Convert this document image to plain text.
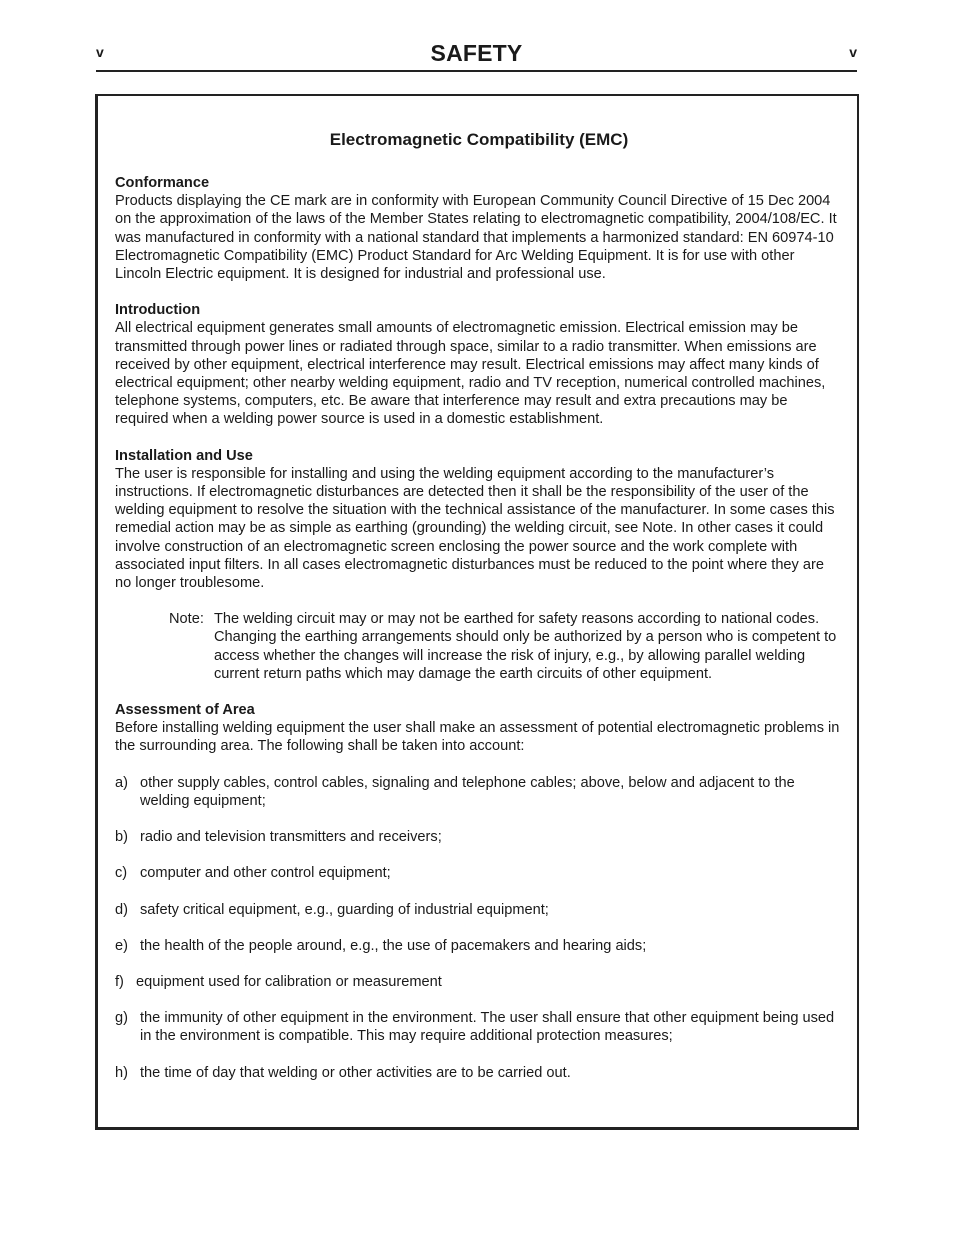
v	SAFETY	v
Electromagnetic Compatibility (EMC)
Conformance

Products displaying the CE mark are in conformity with European Community Council Directive of 15 Dec 2004 on the approximation of the laws of the Member States relating to electromagnetic compatibility, 2004/108/EC. It was manufactured in conformity with a national standard that implements a harmonized standard: EN 60974-10 Electromagnetic Compatibility (EMC) Product Standard for Arc Welding Equipment. It is for use with other Lincoln Electric equipment. It is designed for industrial and professional use.

Introduction

All electrical equipment generates small amounts of electromagnetic emission. Electrical emission may be transmitted through power lines or radiated through space, similar to a radio transmitter. When emissions are received by other equipment, electrical interference may result. Electrical emissions may affect many kinds of electrical equipment; other nearby welding equipment, radio and TV reception, numerical controlled machines, telephone systems, computers, etc. Be aware that interference may result and extra precautions may be required when a welding power source is used in a domestic establishment.

Installation and Use

The user is responsible for installing and using the welding equipment according to the manufacturer’s instructions. If electromagnetic disturbances are detected then it shall be the responsibility of the user of the welding equipment to resolve the situation with the technical assistance of the manufacturer. In some cases this remedial action may be as simple as earthing (grounding) the welding circuit, see Note. In other cases it could involve construction of an electromagnetic screen enclosing the power source and the work complete with associated input filters. In all cases electromagnetic disturbances must be reduced to the point where they are no longer troublesome.

Note: The welding circuit may or may not be earthed for safety reasons according to national codes. Changing the earthing arrangements should only be authorized by a person who is competent to access whether the changes will increase the risk of injury, e.g., by allowing parallel welding current return paths which may damage the earth circuits of other equipment.
Assessment of Area

Before installing welding equipment the user shall make an assessment of potential electromagnetic problems in the surrounding area. The following shall be taken into account:

a) other supply cables, control cables, signaling and telephone cables; above, below and adjacent to the welding equipment;
b) radio and television transmitters and receivers;
c) computer and other control equipment;
d) safety critical equipment, e.g., guarding of industrial equipment;
e) the health of the people around, e.g., the use of pacemakers and hearing aids;
f) equipment used for calibration or measurement
g) the immunity of other equipment in the environment. The user shall ensure that other equipment being used in the environment is compatible. This may require additional protection measures;
h) the time of day that welding or other activities are to be carried out.
